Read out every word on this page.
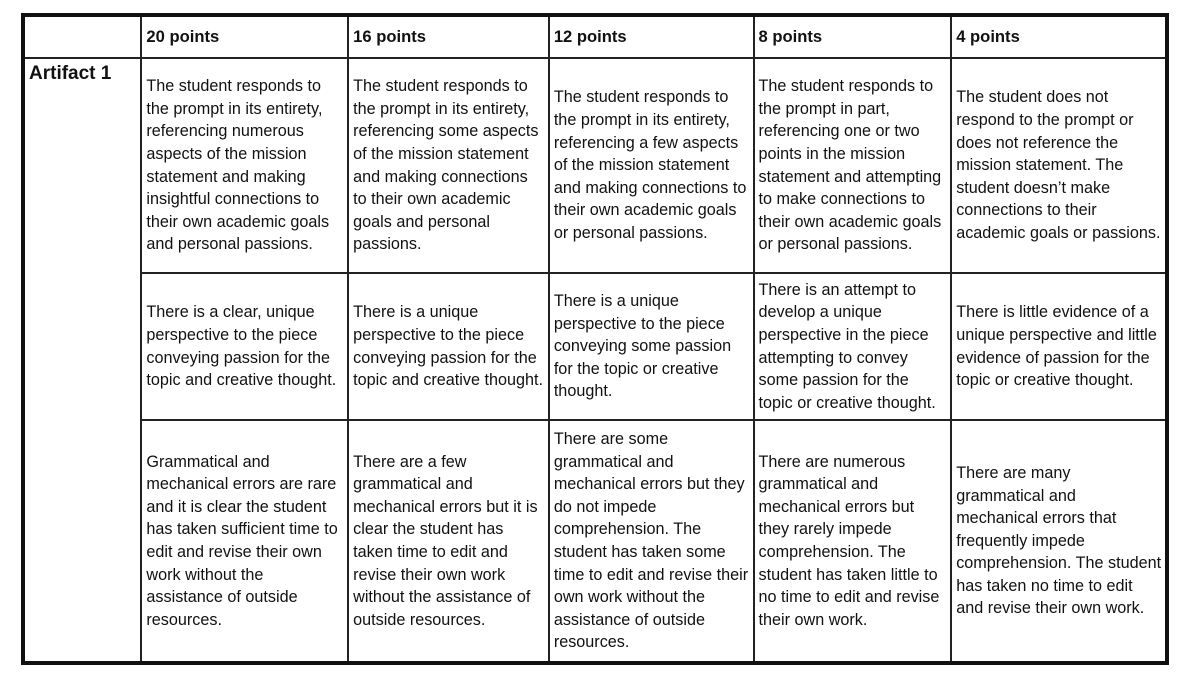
	20 points	16 points	12 points	8 points	4 points
Artifact 1	The student responds to the prompt in its entirety, referencing numerous aspects of the mission statement and making insightful connections to their own academic goals and personal passions.	The student responds to the prompt in its entirety, referencing some aspects of the mission statement and making connections to their own academic goals and personal passions.	The student responds to the prompt in its entirety, referencing a few aspects of the mission statement and making connections to their own academic goals or personal passions.	The student responds to the prompt in part, referencing one or two points in the mission statement and attempting to make connections to their own academic goals or personal passions.	The student does not respond to the prompt or does not reference the mission statement. The student doesn’t make connections to their academic goals or passions.
	There is a clear, unique perspective to the piece conveying passion for the topic and creative thought.	There is a unique perspective to the piece conveying passion for the topic and creative thought.	There is a unique perspective to the piece conveying some passion for the topic or creative thought.	There is an attempt to develop a unique perspective in the piece attempting to convey some passion for the topic or creative thought.	There is little evidence of a unique perspective and little evidence of passion for the topic or creative thought.
	Grammatical and mechanical errors are rare and it is clear the student has taken sufficient time to edit and revise their own work without the assistance of outside resources.	There are a few grammatical and mechanical errors but it is clear the student has taken time to edit and revise their own work without the assistance of outside resources.	There are some grammatical and mechanical errors but they do not impede comprehension. The student has taken some time to edit and revise their own work without the assistance of outside resources.	There are numerous grammatical and mechanical errors but they rarely impede comprehension. The student has taken little to no time to edit and revise their own work.	There are many grammatical and mechanical errors that frequently impede comprehension. The student has taken no time to edit and revise their own work.
